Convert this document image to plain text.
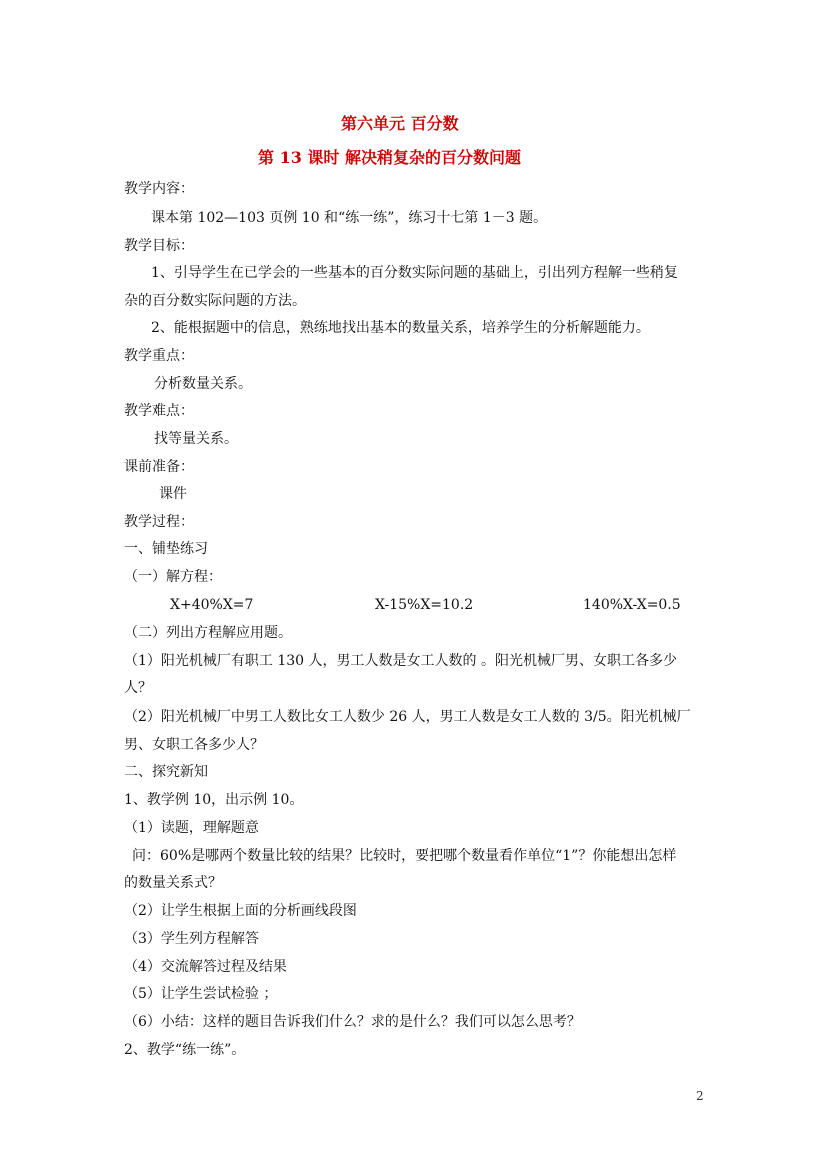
第六单元 百分数
第 13 课时 解决稍复杂的百分数问题
教学内容：
课本第 102—103 页例 10 和“练一练”，练习十七第 1－3 题。
教学目标：
1、引导学生在已学会的一些基本的百分数实际问题的基础上，引出列方程解一些稍复
杂的百分数实际问题的方法。
2、能根据题中的信息，熟练地找出基本的数量关系，培养学生的分析解题能力。
教学重点：
分析数量关系。
教学难点：
找等量关系。
课前准备：
课件
教学过程：
一、铺垫练习
（一）解方程：
X+40%X=7	X-15%X=10.2	140%X-X=0.5
（二）列出方程解应用题。
（1）阳光机械厂有职工 130 人，男工人数是女工人数的 。阳光机械厂男、女职工各多少
人？
（2）阳光机械厂中男工人数比女工人数少 26 人，男工人数是女工人数的 3/5。阳光机械厂
男、女职工各多少人？
二、探究新知
1、教学例 10，出示例 10。
（1）读题，理解题意
问：60%是哪两个数量比较的结果？比较时，要把哪个数量看作单位“1”？你能想出怎样
的数量关系式？
（2）让学生根据上面的分析画线段图
（3）学生列方程解答
（4）交流解答过程及结果
（5）让学生尝试检验 ；
（6）小结：这样的题目告诉我们什么？求的是什么？我们可以怎么思考？
2、教学“练一练”。
2
